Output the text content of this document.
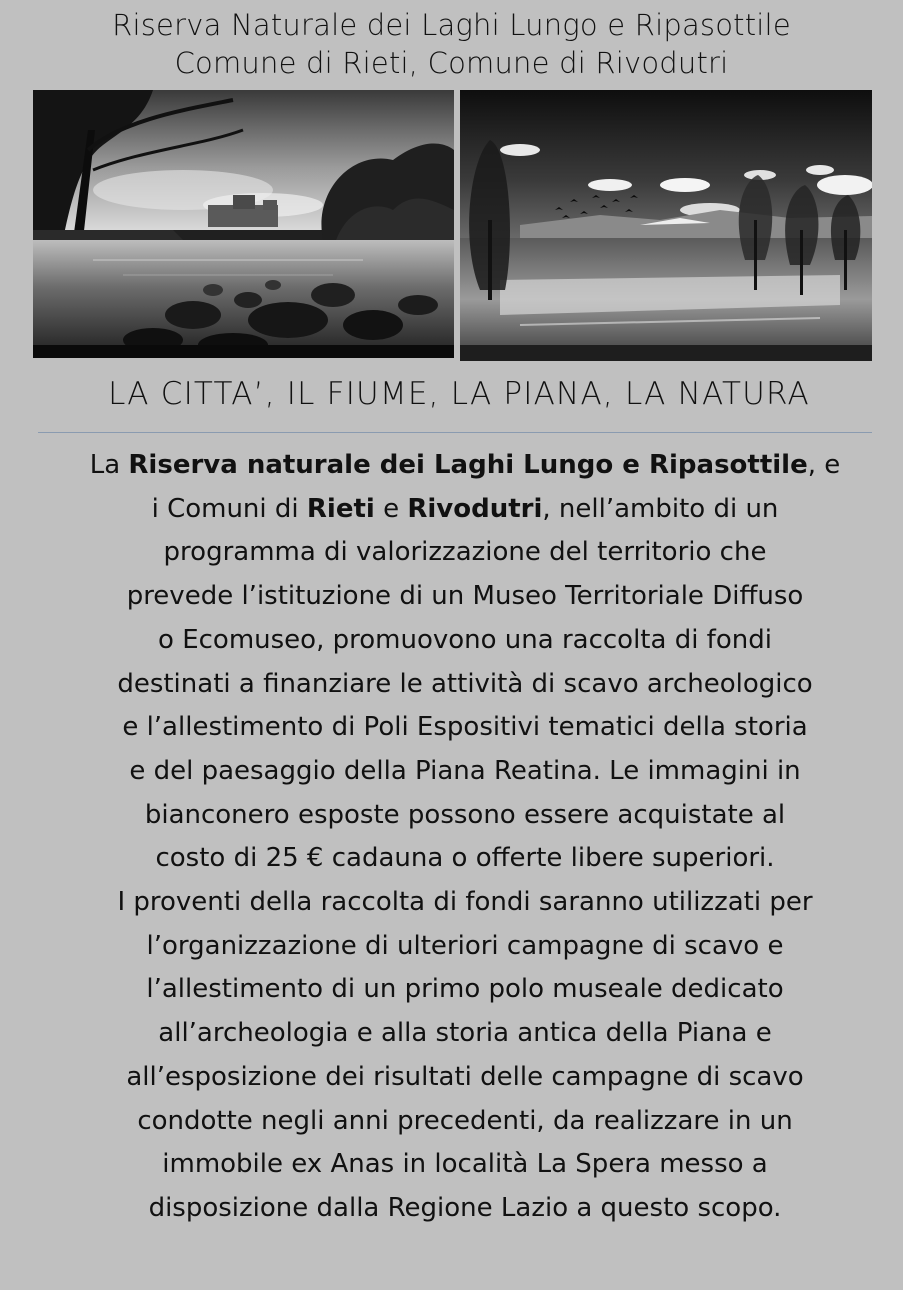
Riserva Naturale dei Laghi Lungo e Ripasottile
Comune di Rieti, Comune di Rivodutri
LA CITTA’, IL FIUME, LA PIANA, LA NATURA
La Riserva naturale dei Laghi Lungo e Ripasottile, e
i Comuni di Rieti e Rivodutri, nell’ambito di un
programma di valorizzazione del territorio che
prevede l’istituzione di un Museo Territoriale Diffuso
o Ecomuseo, promuovono una raccolta di fondi
destinati a finanziare le attività di scavo archeologico
e l’allestimento di Poli Espositivi tematici della storia
e del paesaggio della Piana Reatina. Le immagini in
bianconero esposte possono essere acquistate al
costo di 25 € cadauna o offerte libere superiori.
I proventi della raccolta di fondi saranno utilizzati per
l’organizzazione di ulteriori campagne di scavo e
l’allestimento di un primo polo museale dedicato
all’archeologia e alla storia antica della Piana e
all’esposizione dei risultati delle campagne di scavo
condotte negli anni precedenti, da realizzare in un
immobile ex Anas in località La Spera messo a
disposizione dalla Regione Lazio a questo scopo.
